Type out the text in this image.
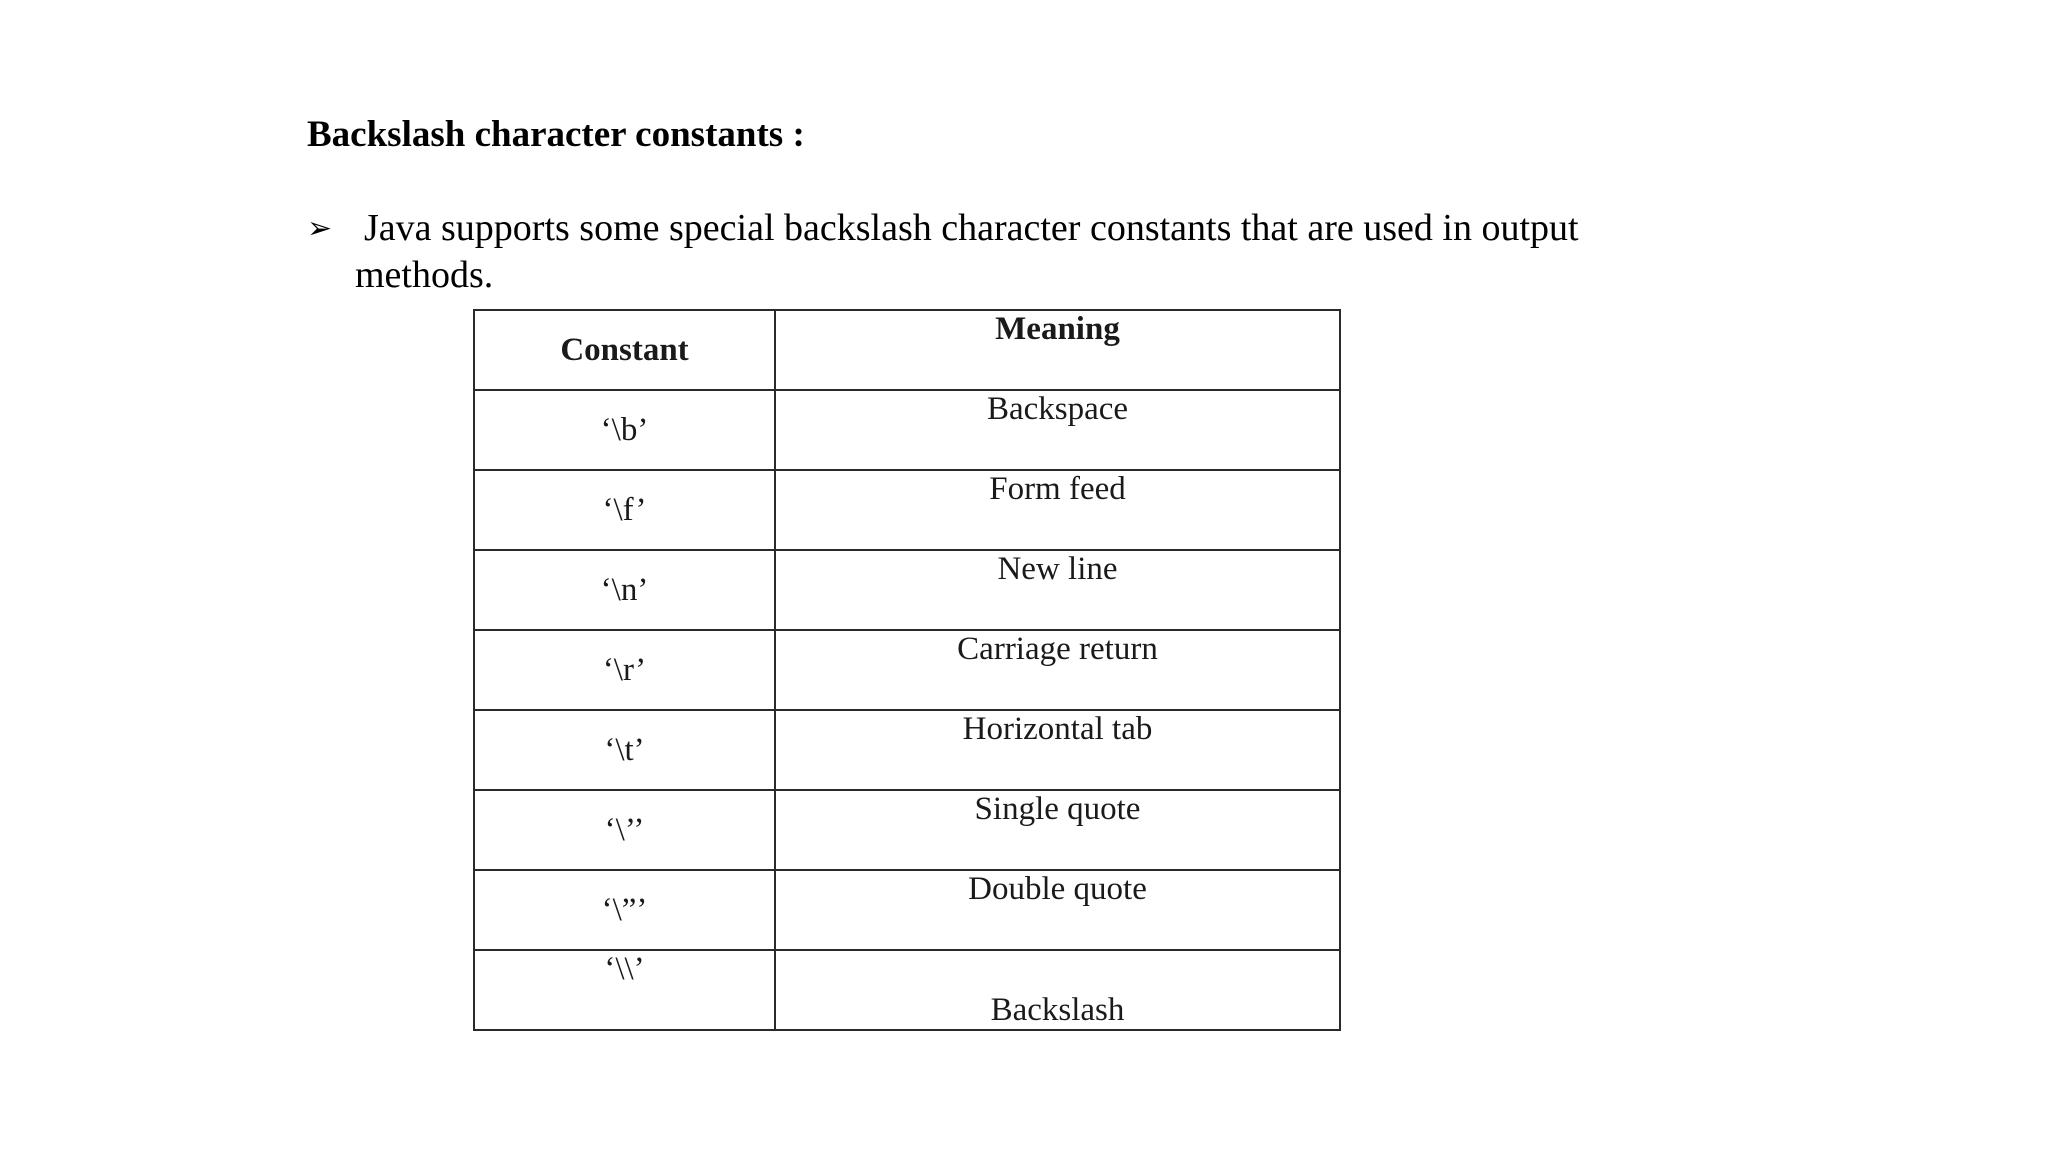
Backslash character constants :
➢ Java supports some special backslash character constants that are used in output
methods.
Constant	Meaning
‘\b’	Backspace
‘\f’	Form feed
‘\n’	New line
‘\r’	Carriage return
‘\t’	Horizontal tab
‘\’’	Single quote
‘\”’	Double quote
‘\\’	Backslash
